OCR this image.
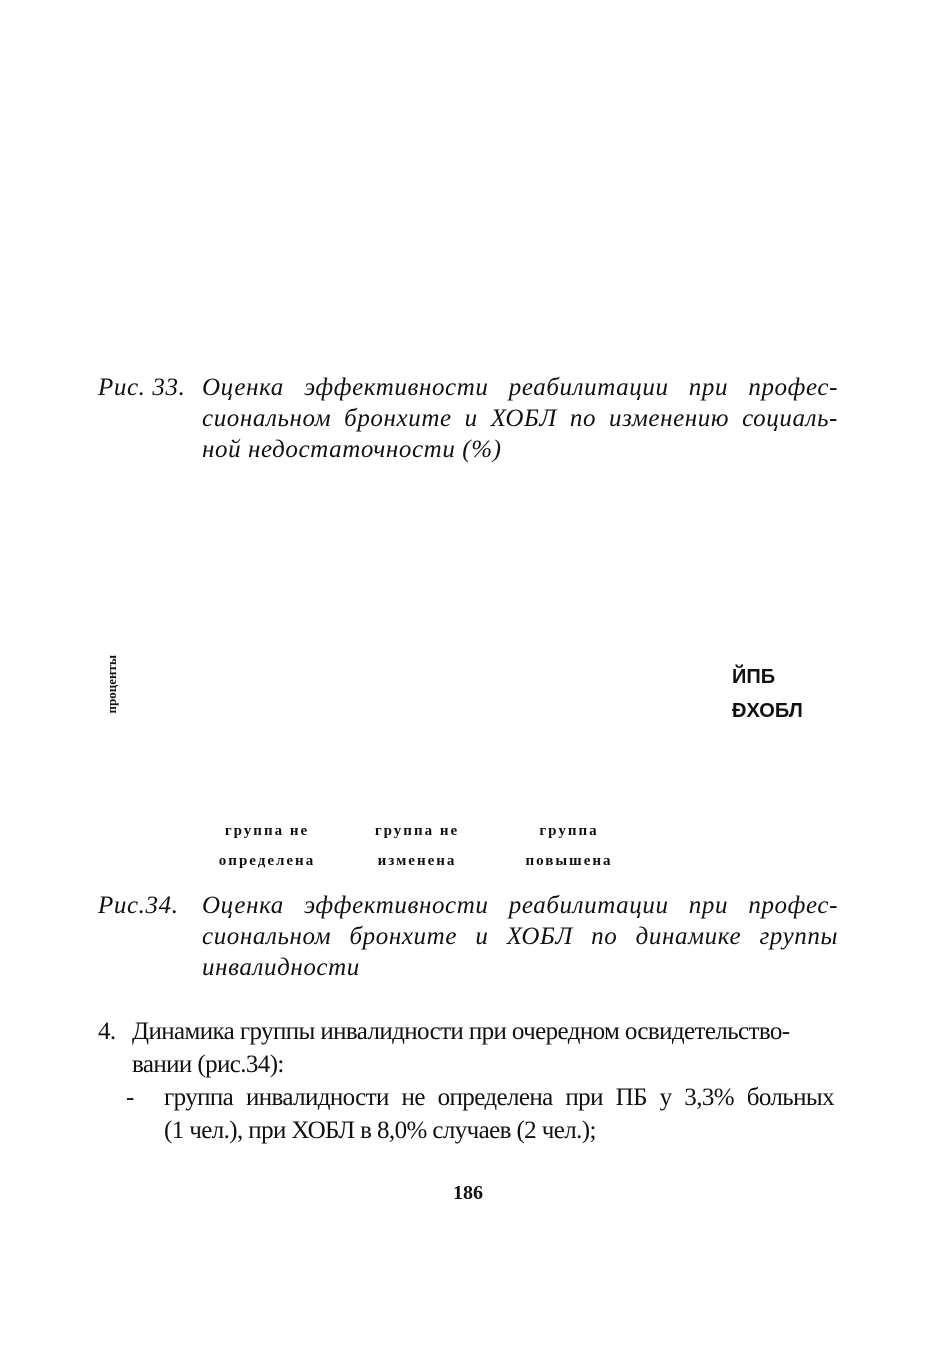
Рис. 33. Оценка эффективности реабилитации при профес-
сиональном бронхите и ХОБЛ по изменению социаль-
ной недостаточности (%)
проценты	Й ПБ
Ð ХОБЛ
группа не
определена
группа не
изменена
группа
повышена
Рис.34. Оценка эффективности реабилитации при профес-
сиональном бронхите и ХОБЛ по динамике группы
инвалидности
4. Динамика группы инвалидности при очередном освидетельство-
вании (рис.34):
- группа инвалидности не определена при ПБ у 3,3% больных
(1 чел.), при ХОБЛ в 8,0% случаев (2 чел.);
186
